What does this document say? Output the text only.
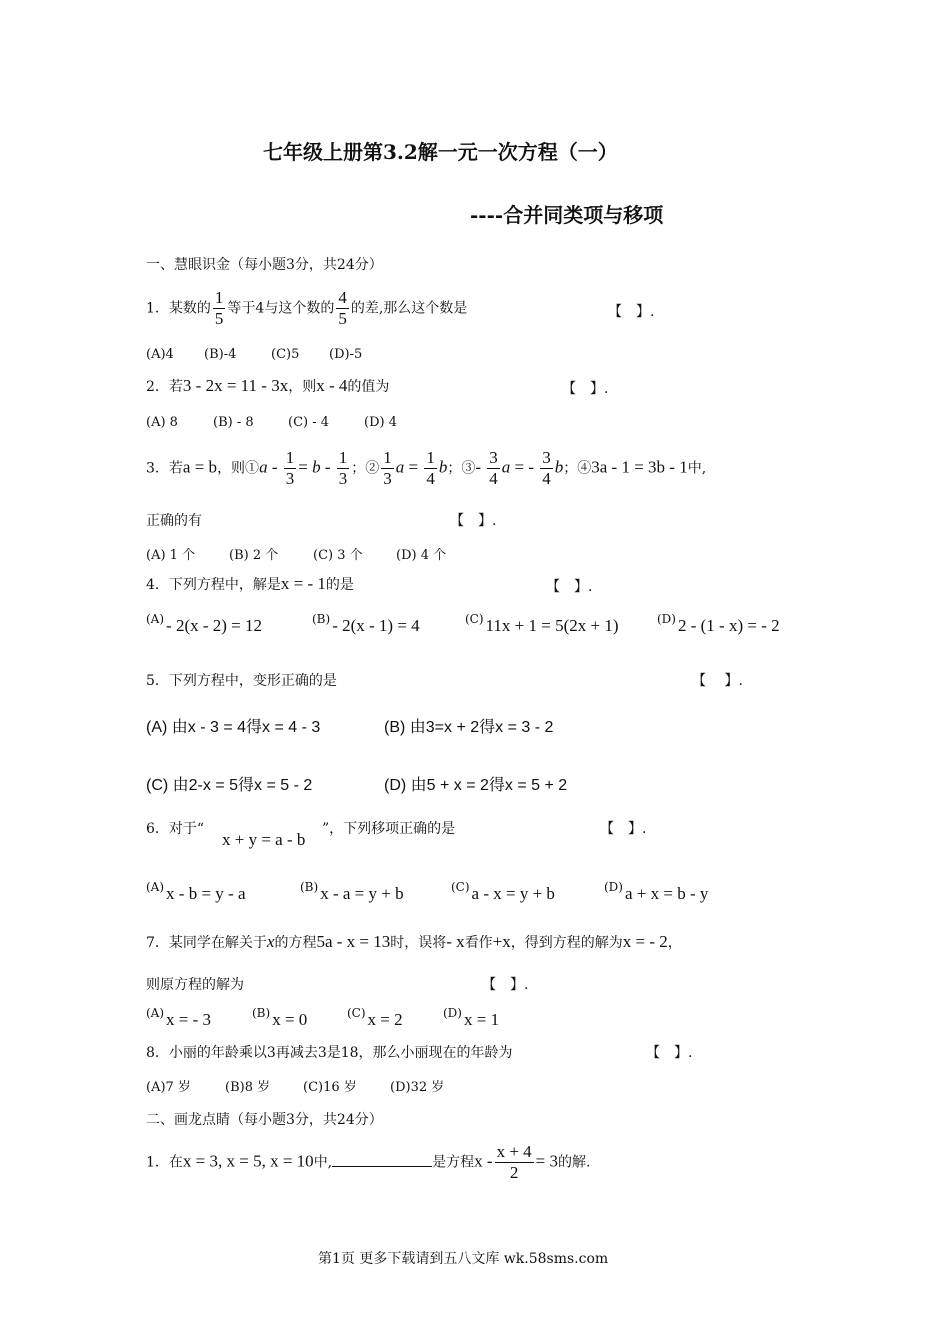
七年级上册第3.2解一元一次方程（一）
----合并同类项与移项
一、慧眼识金（每小题3分，共24分）
1．某数的 $\frac{1}{5}$ 等于4与这个数的 $\frac{4}{5}$ 的差,那么这个数是	【　】.
(A)4 (B)-4	(C)5 (D)-5
2．若3 - 2x = 11 - 3x，则x - 4的值为	【　】.
(A) 8	(B) - 8	(C) - 4	(D) 4
3．若a = b，则①a - $\frac{1}{3} = b - \frac{1}{3}$ ；② $\frac{1}{3}$ $a = \frac{1}{4}$ b；③- $\frac{3}{4}$ a = - $\frac{3}{4}$ b；④3a - 1 = 3b - 1中,
正确的有	【　】.
(A) 1 个	(B) 2 个	(C) 3 个	(D) 4 个
4．下列方程中，解是x = - 1的是	【　】.
$^{(A)}$ - 2(x - 2) = 12	$^{(B)}$ - 2(x - 1) = 4	$^{(C)}$ 11x + 1 = 5(2x + 1)	$^{(D)}$ 2 - (1 - x) = - 2
5．下列方程中，变形正确的是	【　 】.
(A) 由x - 3 = 4得x = 4 - 3	(B) 由3=x + 2得x = 3 - 2
(C) 由2-x = 5得x = 5 - 2	(D) 由5 + x = 2得x = 5 + 2
6．对于“
x + y = a - b
”，下列移项正确的是	【　】.
$^{(A)}$ x - b = y - a	$^{(B)}$ x - a = y + b	$^{(C)}$ a - x = y + b	$^{(D)}$ a + x = b - y
7．某同学在解关于x的方程5a - x = 13时，误将- x看作+x，得到方程的解为x = - 2，
则原方程的解为	【　】.
$^{(A)}$ x = - 3	$^{(B)}$ x = 0	$^{(C)}$ x = 2	$^{(D)}$ x = 1
8．小丽的年龄乘以3再减去3是18，那么小丽现在的年龄为	【　】.
(A)7 岁	(B)8 岁	(C)16 岁	(D)32 岁
二、画龙点睛（每小题3分，共24分）
1．在x = 3, x = 5, x = 10中,	是方程$x - \frac{x + 4}{2} = 3$的解.
第1页 更多下载请到五八文库 wk.58sms.com
